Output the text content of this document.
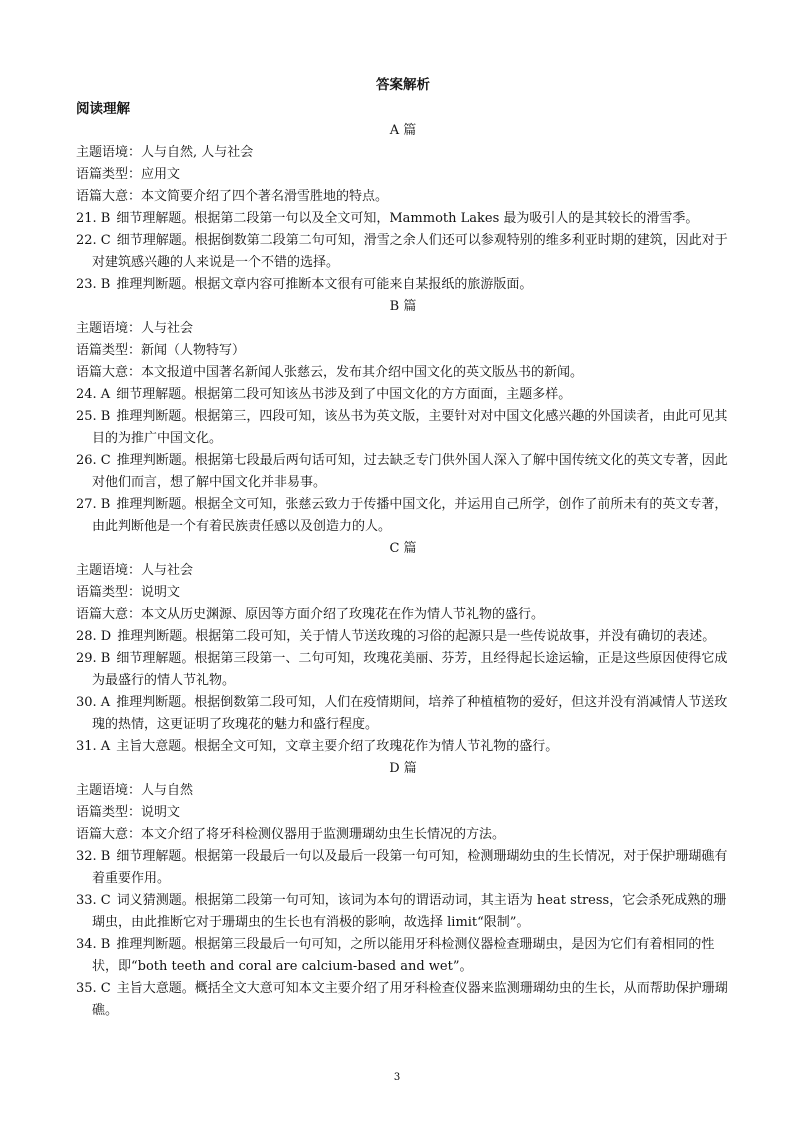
答案解析

阅读理解

A 篇

主题语境：人与自然, 人与社会

语篇类型：应用文

语篇大意：本文简要介绍了四个著名滑雪胜地的特点。

21. B 细节理解题。根据第二段第一句以及全文可知，Mammoth Lakes 最为吸引人的是其较长的滑雪季。

22. C 细节理解题。根据倒数第二段第二句可知，滑雪之余人们还可以参观特别的维多利亚时期的建筑，因此对于对建筑感兴趣的人来说是一个不错的选择。

23. B 推理判断题。根据文章内容可推断本文很有可能来自某报纸的旅游版面。

B 篇

主题语境：人与社会

语篇类型：新闻（人物特写）

语篇大意：本文报道中国著名新闻人张慈云，发布其介绍中国文化的英文版丛书的新闻。

24. A 细节理解题。根据第二段可知该丛书涉及到了中国文化的方方面面，主题多样。

25. B 推理判断题。根据第三，四段可知，该丛书为英文版，主要针对对中国文化感兴趣的外国读者，由此可见其目的为推广中国文化。

26. C 推理判断题。根据第七段最后两句话可知，过去缺乏专门供外国人深入了解中国传统文化的英文专著，因此对他们而言，想了解中国文化并非易事。

27. B 推理判断题。根据全文可知，张慈云致力于传播中国文化，并运用自己所学，创作了前所未有的英文专著，由此判断他是一个有着民族责任感以及创造力的人。

C 篇

主题语境：人与社会

语篇类型：说明文

语篇大意：本文从历史渊源、原因等方面介绍了玫瑰花在作为情人节礼物的盛行。

28. D 推理判断题。根据第二段可知，关于情人节送玫瑰的习俗的起源只是一些传说故事，并没有确切的表述。

29. B 细节理解题。根据第三段第一、二句可知，玫瑰花美丽、芬芳，且经得起长途运输，正是这些原因使得它成为最盛行的情人节礼物。

30. A 推理判断题。根据倒数第二段可知，人们在疫情期间，培养了种植植物的爱好，但这并没有消减情人节送玫瑰的热情，这更证明了玫瑰花的魅力和盛行程度。

31. A 主旨大意题。根据全文可知，文章主要介绍了玫瑰花作为情人节礼物的盛行。

D 篇

主题语境：人与自然

语篇类型：说明文

语篇大意：本文介绍了将牙科检测仪器用于监测珊瑚幼虫生长情况的方法。

32. B 细节理解题。根据第一段最后一句以及最后一段第一句可知，检测珊瑚幼虫的生长情况，对于保护珊瑚礁有着重要作用。

33. C 词义猜测题。根据第二段第一句可知，该词为本句的谓语动词，其主语为 heat stress，它会杀死成熟的珊瑚虫，由此推断它对于珊瑚虫的生长也有消极的影响，故选择 limit“限制”。

34. B 推理判断题。根据第三段最后一句可知，之所以能用牙科检测仪器检查珊瑚虫，是因为它们有着相同的性状，即“both teeth and coral are calcium-based and wet”。

35. C 主旨大意题。概括全文大意可知本文主要介绍了用牙科检查仪器来监测珊瑚幼虫的生长，从而帮助保护珊瑚礁。

3
